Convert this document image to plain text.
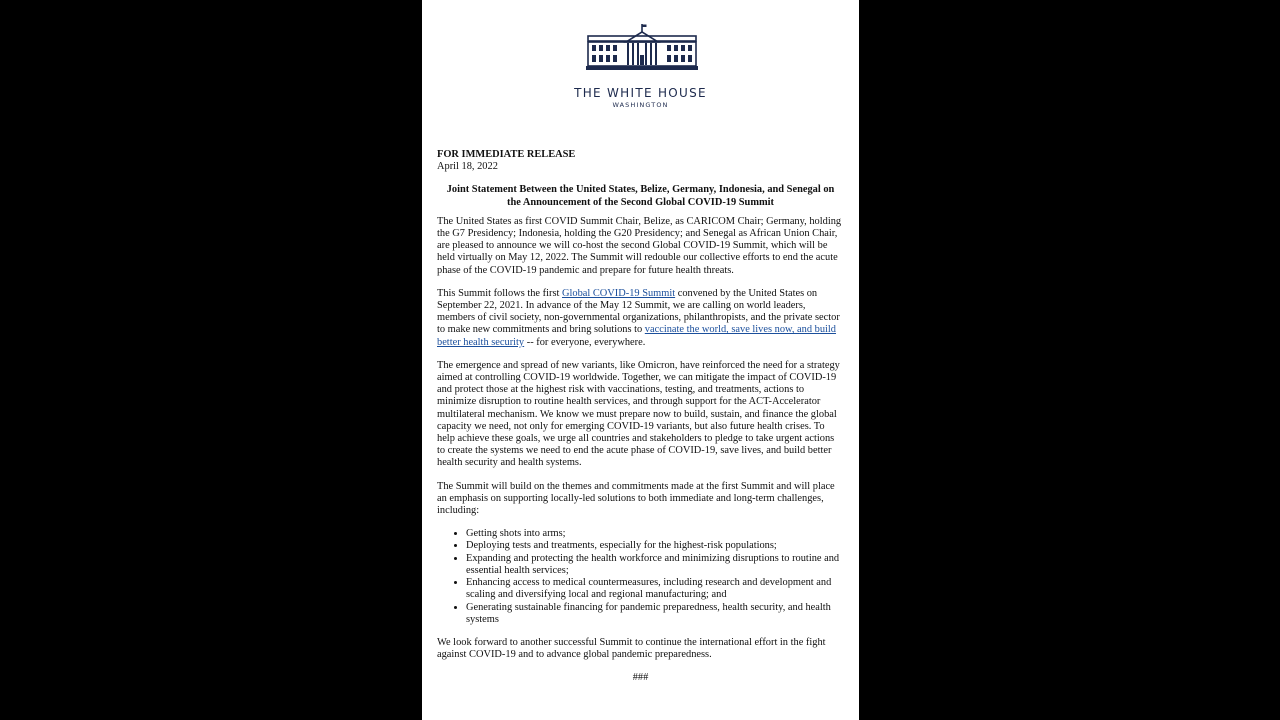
THE WHITE HOUSE
WASHINGTON

FOR IMMEDIATE RELEASE

April 18, 2022

Joint Statement Between the United States, Belize, Germany, Indonesia, and Senegal on the Announcement of the Second Global COVID-19 Summit

The United States as first COVID Summit Chair, Belize, as CARICOM Chair; Germany, holding the G7 Presidency; Indonesia, holding the G20 Presidency; and Senegal as African Union Chair, are pleased to announce we will co-host the second Global COVID-19 Summit, which will be held virtually on May 12, 2022. The Summit will redouble our collective efforts to end the acute phase of the COVID-19 pandemic and prepare for future health threats.

This Summit follows the first Global COVID-19 Summit convened by the United States on September 22, 2021. In advance of the May 12 Summit, we are calling on world leaders, members of civil society, non-governmental organizations, philanthropists, and the private sector to make new commitments and bring solutions to vaccinate the world, save lives now, and build better health security -- for everyone, everywhere.

The emergence and spread of new variants, like Omicron, have reinforced the need for a strategy aimed at controlling COVID-19 worldwide. Together, we can mitigate the impact of COVID-19 and protect those at the highest risk with vaccinations, testing, and treatments, actions to minimize disruption to routine health services, and through support for the ACT-Accelerator multilateral mechanism. We know we must prepare now to build, sustain, and finance the global capacity we need, not only for emerging COVID-19 variants, but also future health crises. To help achieve these goals, we urge all countries and stakeholders to pledge to take urgent actions to create the systems we need to end the acute phase of COVID-19, save lives, and build better health security and health systems.

The Summit will build on the themes and commitments made at the first Summit and will place an emphasis on supporting locally-led solutions to both immediate and long-term challenges, including:

• Getting shots into arms;
• Deploying tests and treatments, especially for the highest-risk populations;
• Expanding and protecting the health workforce and minimizing disruptions to routine and essential health services;
• Enhancing access to medical countermeasures, including research and development and scaling and diversifying local and regional manufacturing; and
• Generating sustainable financing for pandemic preparedness, health security, and health systems

We look forward to another successful Summit to continue the international effort in the fight against COVID-19 and to advance global pandemic preparedness.

###
